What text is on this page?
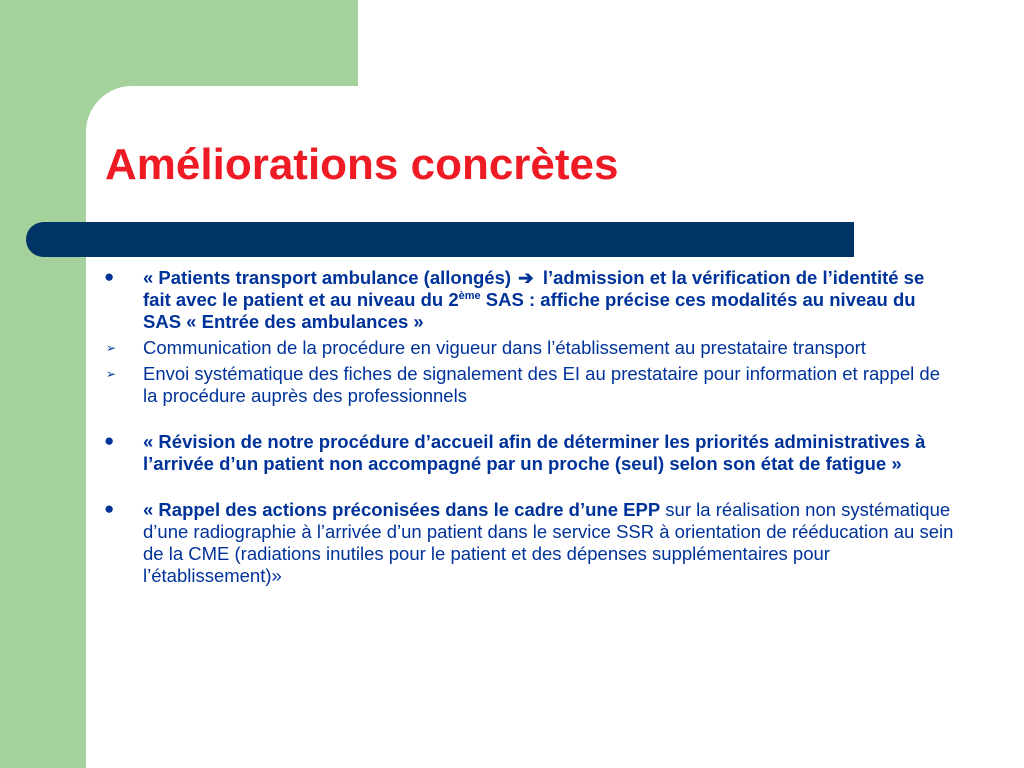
Améliorations concrètes
●	« Patients transport ambulance (allongés) ➔ l’admission et la vérification de l’identité se fait avec le patient et au niveau du 2ème SAS : affiche précise ces modalités au niveau du SAS « Entrée des ambulances »
➢	Communication de la procédure en vigueur dans l’établissement au prestataire transport
➢	Envoi systématique des fiches de signalement des EI au prestataire pour information et rappel de la procédure auprès des professionnels
●	« Révision de notre procédure d’accueil afin de déterminer les priorités administratives à l’arrivée d’un patient non accompagné par un proche (seul) selon son état de fatigue »
●	« Rappel des actions préconisées dans le cadre d’une EPP sur la réalisation non systématique d’une radiographie à l’arrivée d’un patient dans le service SSR à orientation de rééducation au sein de la CME (radiations inutiles pour le patient et des dépenses supplémentaires pour l’établissement)»
